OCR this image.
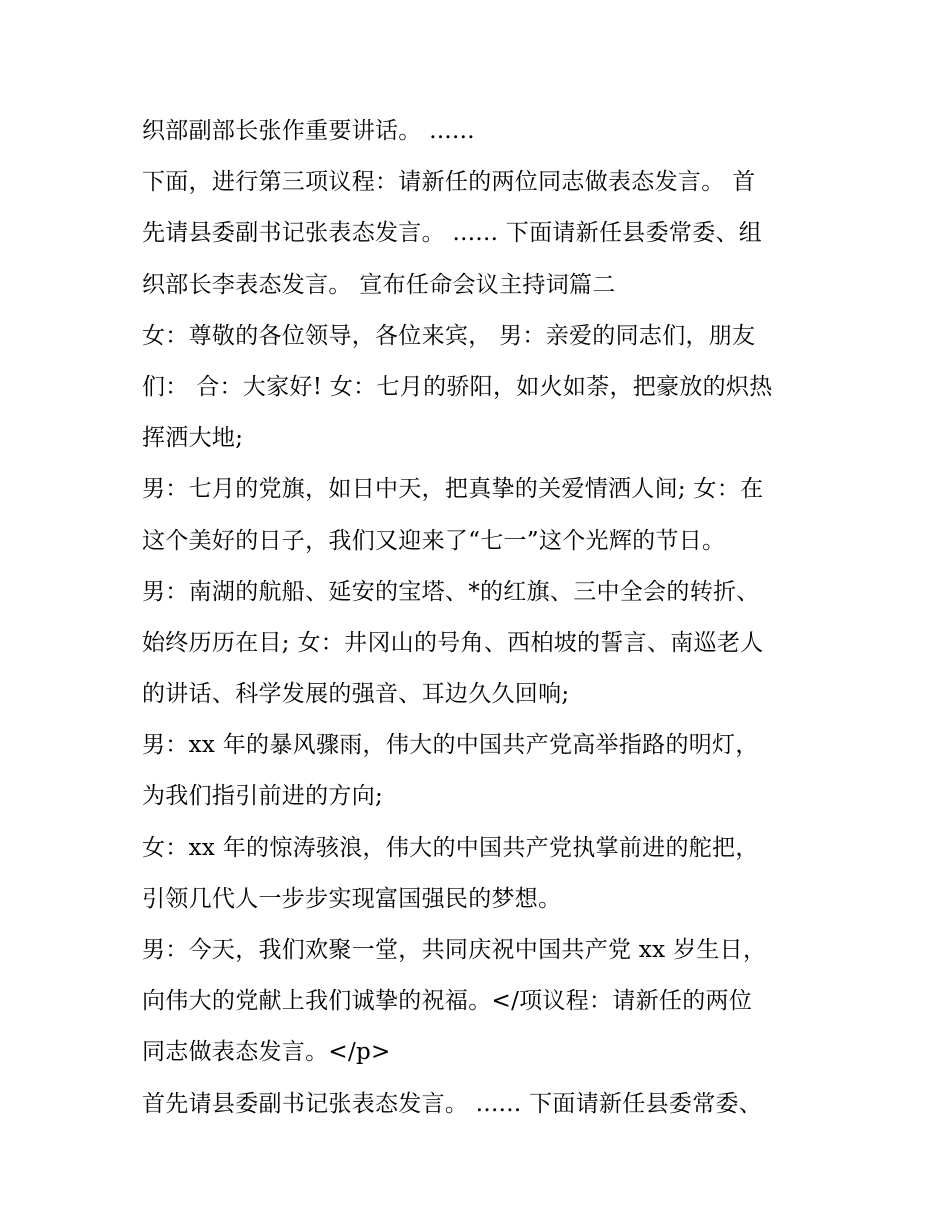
织部副部长张作重要讲话。 ......
下面，进行第三项议程：请新任的两位同志做表态发言。 首
先请县委副书记张表态发言。 ...... 下面请新任县委常委、组
织部长李表态发言。 宣布任命会议主持词篇二
女：尊敬的各位领导，各位来宾， 男：亲爱的同志们，朋友
们： 合：大家好! 女：七月的骄阳，如火如荼，把豪放的炽热
挥洒大地;
男：七月的党旗，如日中天，把真挚的关爱情洒人间; 女：在
这个美好的日子，我们又迎来了“七一”这个光辉的节日。
男：南湖的航船、延安的宝塔、*的红旗、三中全会的转折、
始终历历在目; 女：井冈山的号角、西柏坡的誓言、南巡老人
的讲话、科学发展的强音、耳边久久回响;
男：xx 年的暴风骤雨，伟大的中国共产党高举指路的明灯，
为我们指引前进的方向;
女：xx 年的惊涛骇浪，伟大的中国共产党执掌前进的舵把，
引领几代人一步步实现富国强民的梦想。
男：今天，我们欢聚一堂，共同庆祝中国共产党 xx 岁生日，
向伟大的党献上我们诚挚的祝福。</项议程：请新任的两位
同志做表态发言。</p>
首先请县委副书记张表态发言。 ...... 下面请新任县委常委、
